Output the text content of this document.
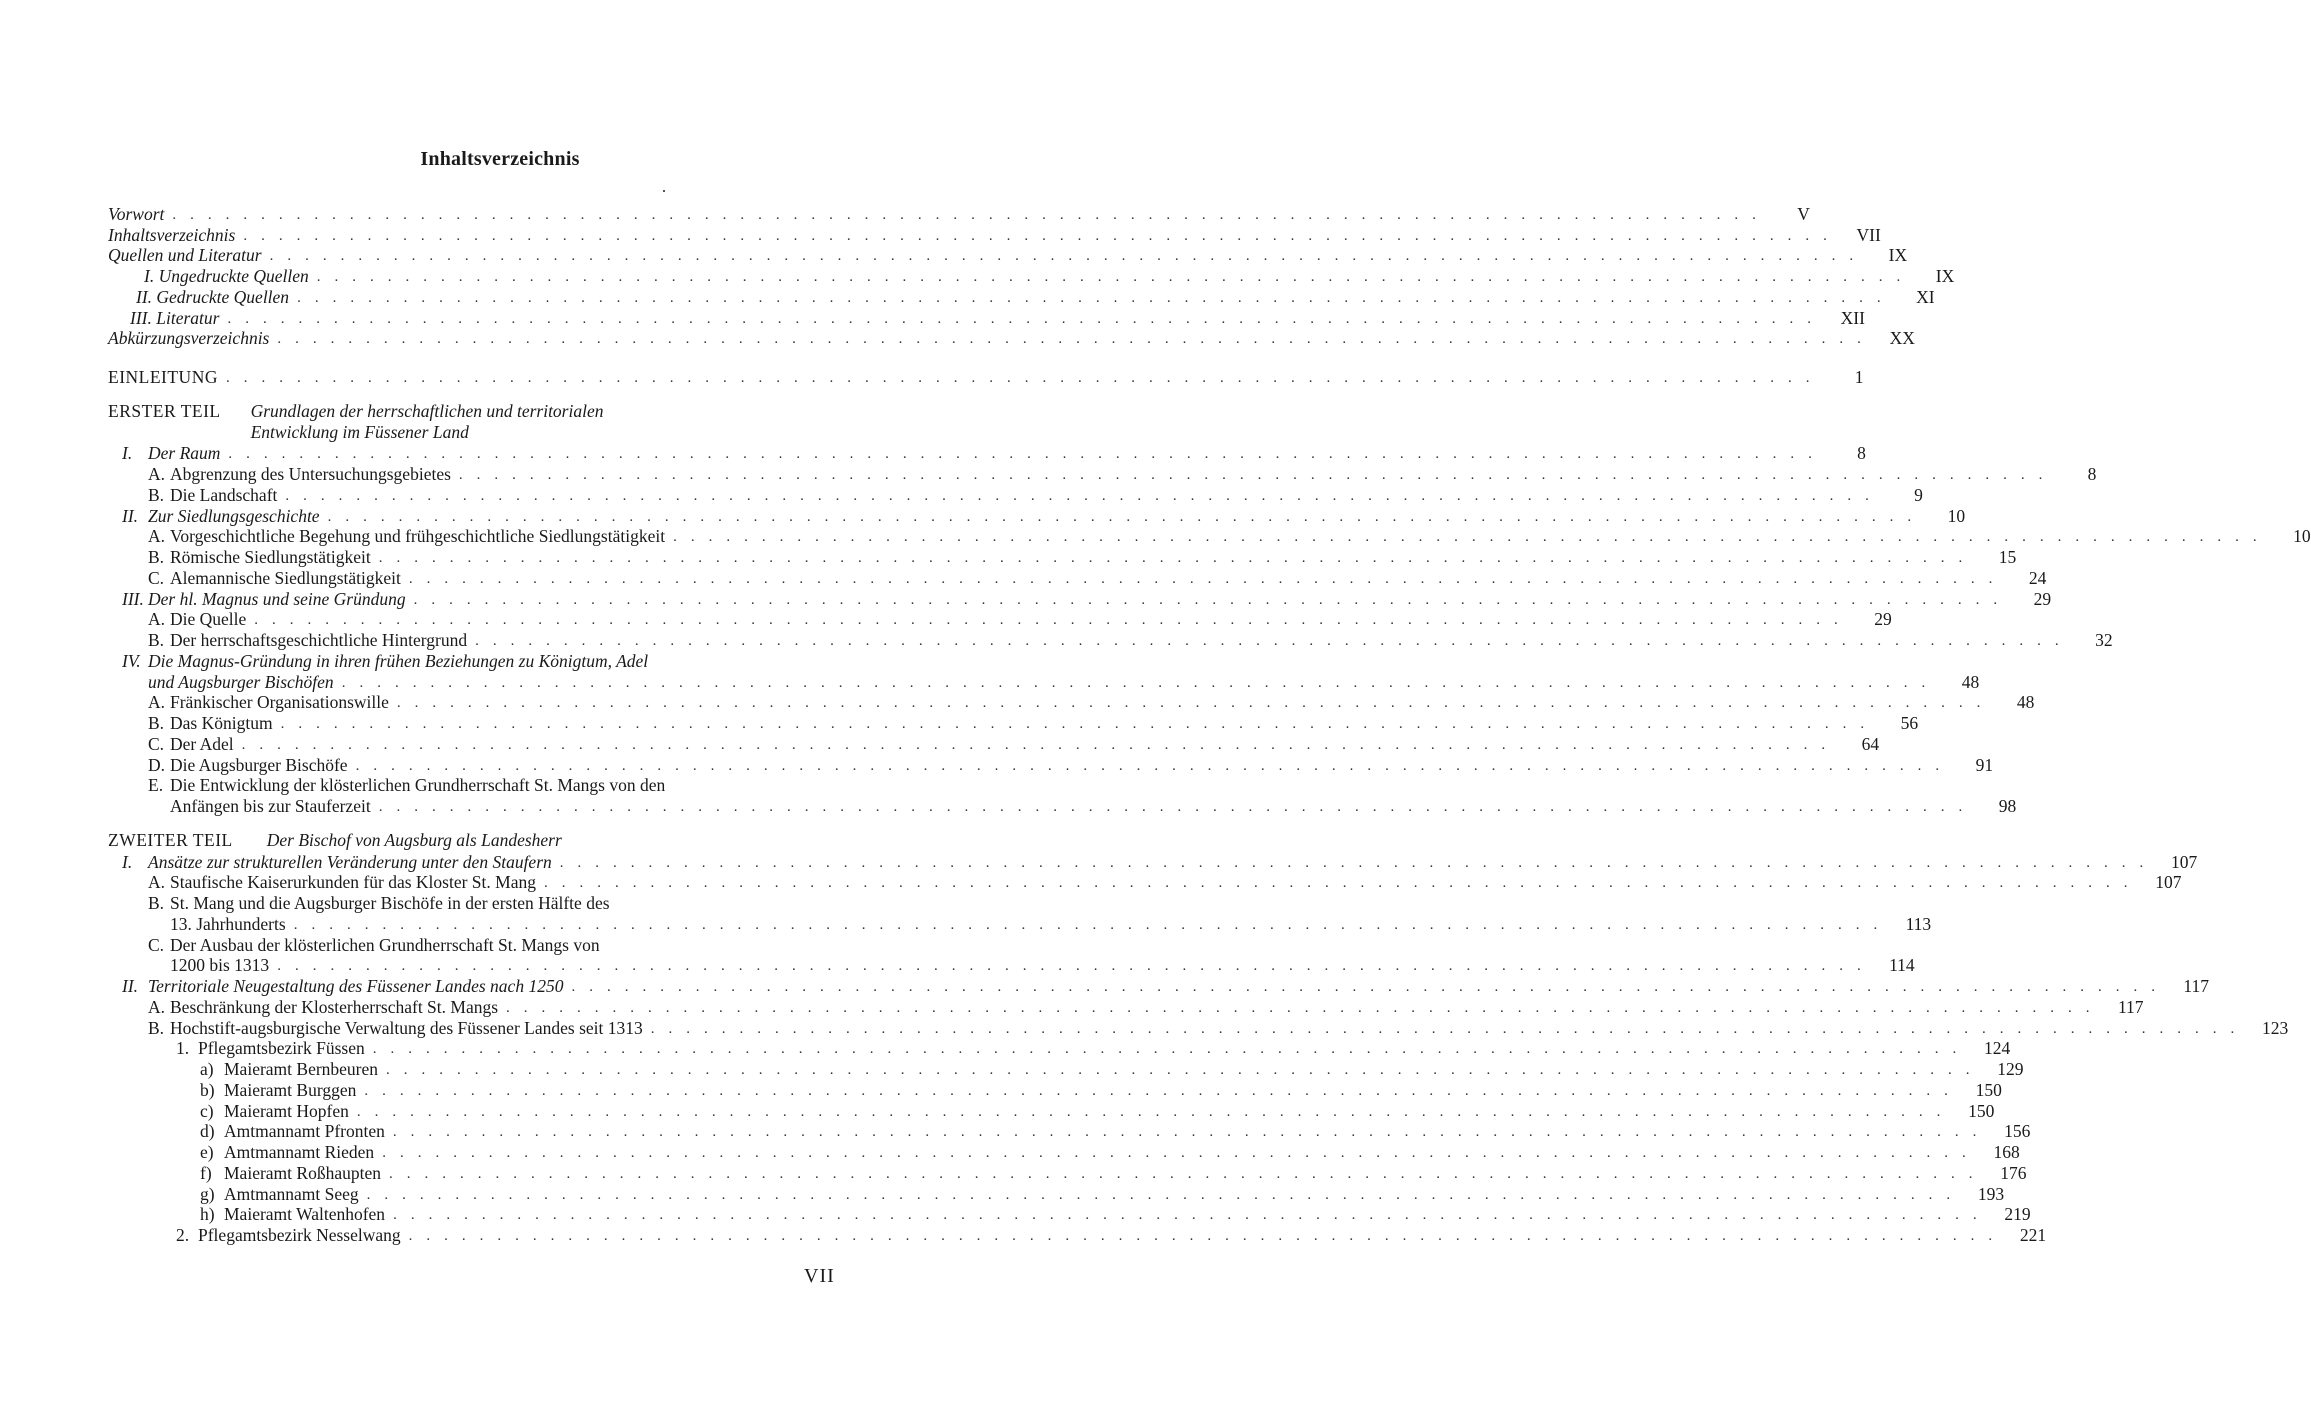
Inhaltsverzeichnis
Vorwort ..........................................................................................	V
Inhaltsverzeichnis .......................................................................................... VII
Quellen und Literatur ..........................................................................................	IX
I. Ungedruckte Quellen ..........................................................................................	IX
II. Gedruckte Quellen ..........................................................................................	XI
III. Literatur .......................................................................................... XII
Abkürzungsverzeichnis .......................................................................................... XX
EINLEITUNG ..........................................................................................	1
ERSTER TEIL Grundlagen der herrschaftlichen und territorialen Entwicklung im Füssener Land
I. Der Raum ..........................................................................................	8
A. Abgrenzung des Untersuchungsgebietes ..........................................................................................	8
B. Die Landschaft ..........................................................................................	9
II. Zur Siedlungsgeschichte ..........................................................................................	10
A. Vorgeschichtliche Begehung und frühgeschichtliche Siedlungstätigkeit ..........................................................................................	10
B. Römische Siedlungstätigkeit ..........................................................................................	15
C. Alemannische Siedlungstätigkeit ..........................................................................................	24
III. Der hl. Magnus und seine Gründung ..........................................................................................	29
A. Die Quelle ..........................................................................................	29
B. Der herrschaftsgeschichtliche Hintergrund ..........................................................................................	32
IV. Die Magnus-Gründung in ihren frühen Beziehungen zu Königtum, Adel
und Augsburger Bischöfen ..........................................................................................	48
A. Fränkischer Organisationswille ..........................................................................................	48
B. Das Königtum ..........................................................................................	56
C. Der Adel ..........................................................................................	64
D. Die Augsburger Bischöfe ..........................................................................................	91
E. Die Entwicklung der klösterlichen Grundherrschaft St. Mangs von den
Anfängen bis zur Stauferzeit ..........................................................................................	98
ZWEITER TEIL Der Bischof von Augsburg als Landesherr
I. Ansätze zur strukturellen Veränderung unter den Staufern .......................................................................................... 107
A. Staufische Kaiserurkunden für das Kloster St. Mang .......................................................................................... 107
B. St. Mang und die Augsburger Bischöfe in der ersten Hälfte des
13. Jahrhunderts .......................................................................................... 113
C. Der Ausbau der klösterlichen Grundherrschaft St. Mangs von
1200 bis 1313 .......................................................................................... 114
II. Territoriale Neugestaltung des Füssener Landes nach 1250 .......................................................................................... 117
A. Beschränkung der Klosterherrschaft St. Mangs .......................................................................................... 117
B. Hochstift-augsburgische Verwaltung des Füssener Landes seit 1313 .......................................................................................... 123
1. Pflegamtsbezirk Füssen .......................................................................................... 124
a) Maieramt Bernbeuren .......................................................................................... 129
b) Maieramt Burggen .......................................................................................... 150
c) Maieramt Hopfen .......................................................................................... 150
d) Amtmannamt Pfronten .......................................................................................... 156
e) Amtmannamt Rieden .......................................................................................... 168
f) Maieramt Roßhaupten .......................................................................................... 176
g) Amtmannamt Seeg .......................................................................................... 193
h) Maieramt Waltenhofen .......................................................................................... 219
2. Pflegamtsbezirk Nesselwang .......................................................................................... 221
VII
